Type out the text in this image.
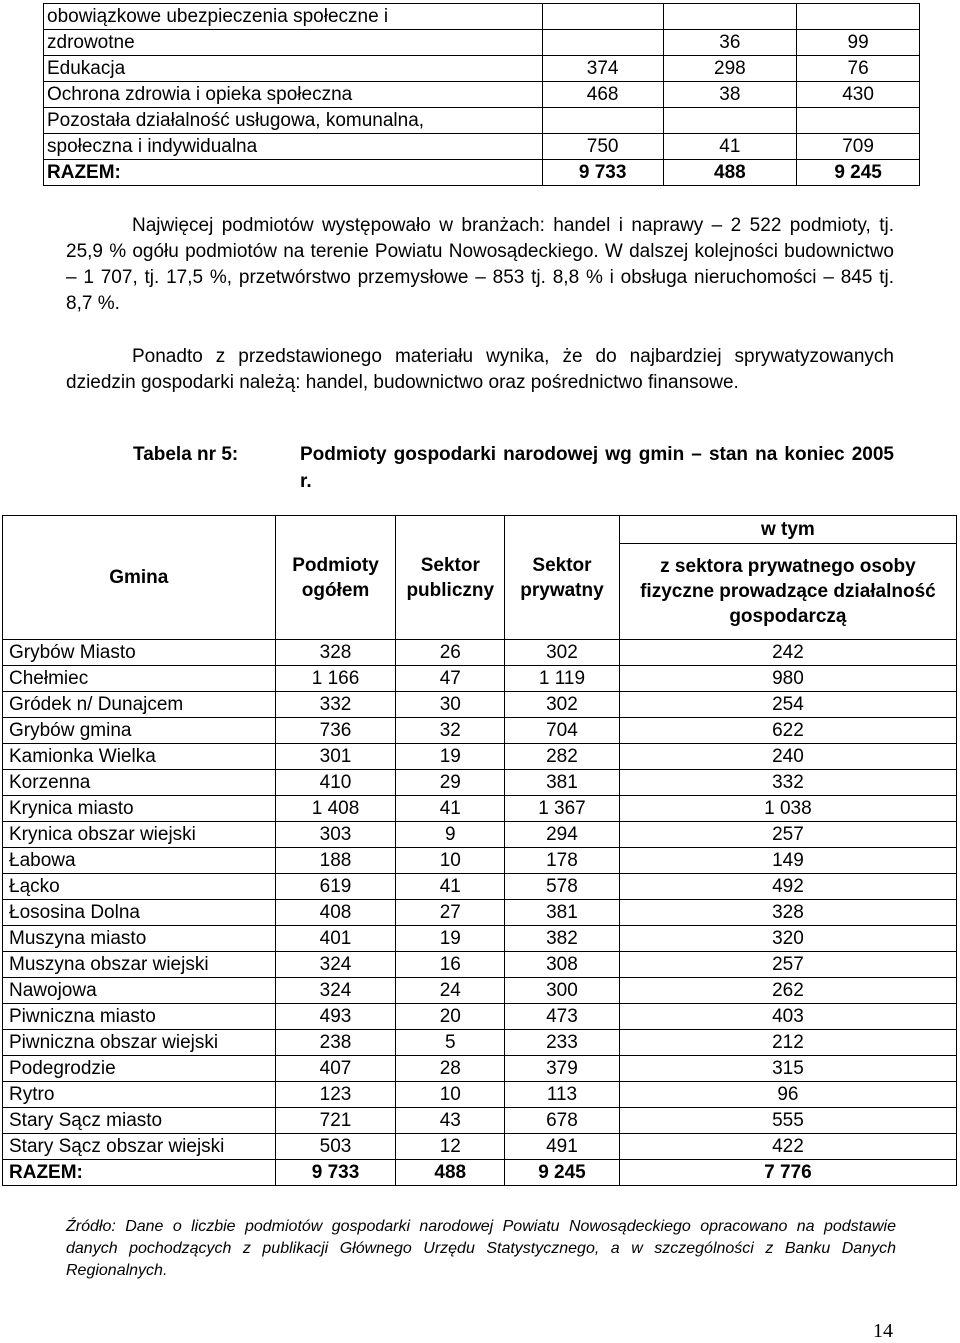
obowiązkowe ubezpieczenia społeczne i			
zdrowotne		36	99
Edukacja	374	298	76
Ochrona zdrowia i opieka społeczna	468	38	430
Pozostała działalność usługowa, komunalna,			
społeczna i indywidualna	750	41	709
RAZEM:	9 733	488	9 245
Najwięcej podmiotów występowało w branżach: handel i naprawy – 2 522 podmioty, tj. 25,9 % ogółu podmiotów na terenie Powiatu Nowosądeckiego. W dalszej kolejności budownictwo – 1 707, tj. 17,5 %, przetwórstwo przemysłowe – 853 tj. 8,8 % i obsługa nieruchomości – 845 tj. 8,7 %.
Ponadto z przedstawionego materiału wynika, że do najbardziej sprywatyzowanych dziedzin gospodarki należą: handel, budownictwo oraz pośrednictwo finansowe.
Tabela nr 5:	Podmioty gospodarki narodowej wg gmin – stan na koniec 2005 r.
Gmina	Podmioty ogółem	Sektor publiczny	Sektor prywatny	w tym
				z sektora prywatnego osoby fizyczne prowadzące działalność gospodarczą
Grybów Miasto	328	26	302	242
Chełmiec	1 166	47	1 119	980
Gródek n/ Dunajcem	332	30	302	254
Grybów gmina	736	32	704	622
Kamionka Wielka	301	19	282	240
Korzenna	410	29	381	332
Krynica miasto	1 408	41	1 367	1 038
Krynica obszar wiejski	303	9	294	257
Łabowa	188	10	178	149
Łącko	619	41	578	492
Łososina Dolna	408	27	381	328
Muszyna miasto	401	19	382	320
Muszyna obszar wiejski	324	16	308	257
Nawojowa	324	24	300	262
Piwniczna miasto	493	20	473	403
Piwniczna obszar wiejski	238	5	233	212
Podegrodzie	407	28	379	315
Rytro	123	10	113	96
Stary Sącz miasto	721	43	678	555
Stary Sącz obszar wiejski	503	12	491	422
RAZEM:	9 733	488	9 245	7 776
Źródło: Dane o liczbie podmiotów gospodarki narodowej Powiatu Nowosądeckiego opracowano na podstawie danych pochodzących z publikacji Głównego Urzędu Statystycznego, a w szczególności z Banku Danych Regionalnych.
14
